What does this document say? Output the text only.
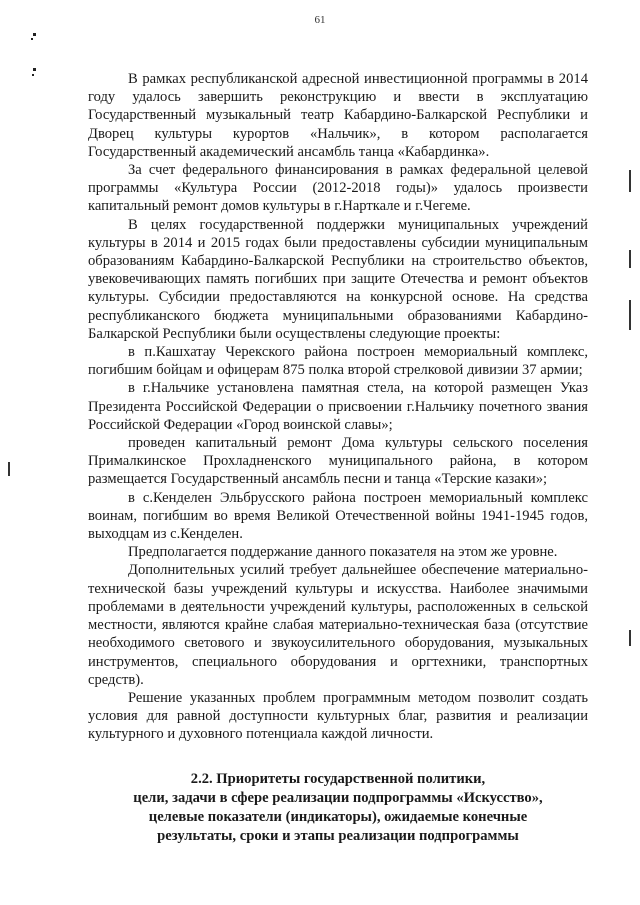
61

В рамках республиканской адресной инвестиционной программы в 2014 году удалось завершить реконструкцию и ввести в эксплуатацию Государственный музыкальный театр Кабардино-Балкарской Республики и Дворец культуры курортов «Нальчик», в котором располагается Государственный академический ансамбль танца «Кабардинка».

За счет федерального финансирования в рамках федеральной целевой программы «Культура России (2012-2018 годы)» удалось произвести капитальный ремонт домов культуры в г.Нарткале и г.Чегеме.

В целях государственной поддержки муниципальных учреждений культуры в 2014 и 2015 годах были предоставлены субсидии муниципальным образованиям Кабардино-Балкарской Республики на строительство объектов, увековечивающих память погибших при защите Отечества и ремонт объектов культуры. Субсидии предоставляются на конкурсной основе. На средства республиканского бюджета муниципальными образованиями Кабардино-Балкарской Республики были осуществлены следующие проекты:

в п.Кашхатау Черекского района построен мемориальный комплекс, погибшим бойцам и офицерам 875 полка второй стрелковой дивизии 37 армии;

в г.Нальчике установлена памятная стела, на которой размещен Указ Президента Российской Федерации о присвоении г.Нальчику почетного звания Российской Федерации «Город воинской славы»;

проведен капитальный ремонт Дома культуры сельского поселения Прималкинское Прохладненского муниципального района, в котором размещается Государственный ансамбль песни и танца «Терские казаки»;

в с.Кенделен Эльбрусского района построен мемориальный комплекс воинам, погибшим во время Великой Отечественной войны 1941-1945 годов, выходцам из с.Кенделен.

Предполагается поддержание данного показателя на этом же уровне.

Дополнительных усилий требует дальнейшее обеспечение материально-технической базы учреждений культуры и искусства. Наиболее значимыми проблемами в деятельности учреждений культуры, расположенных в сельской местности, являются крайне слабая материально-техническая база (отсутствие необходимого светового и звукоусилительного оборудования, музыкальных инструментов, специального оборудования и оргтехники, транспортных средств).

Решение указанных проблем программным методом позволит создать условия для равной доступности культурных благ, развития и реализации культурного и духовного потенциала каждой личности.

2.2. Приоритеты государственной политики,
цели, задачи в сфере реализации подпрограммы «Искусство»,
целевые показатели (индикаторы), ожидаемые конечные
результаты, сроки и этапы реализации подпрограммы
